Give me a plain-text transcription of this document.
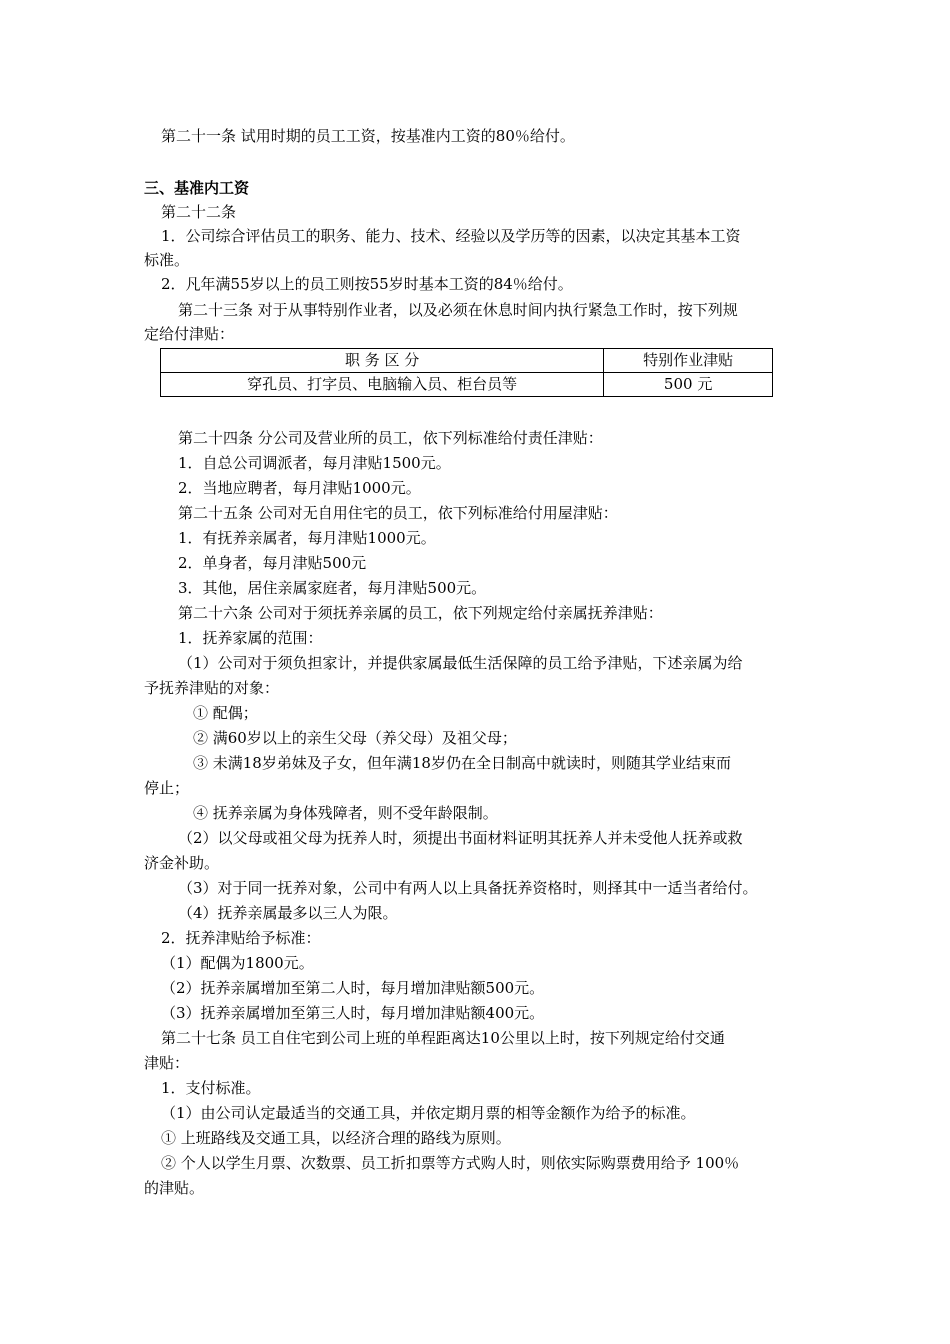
第二十一条 试用时期的员工工资，按基准内工资的80％给付。
三、基准内工资
第二十二条
1．公司综合评估员工的职务、能力、技术、经验以及学历等的因素，以决定其基本工资
标准。
2．凡年满55岁以上的员工则按55岁时基本工资的84％给付。
第二十三条 对于从事特别作业者，以及必须在休息时间内执行紧急工作时，按下列规
定给付津贴：
职 务 区 分	特别作业津贴
穿孔员、打字员、电脑输入员、柜台员等	500 元
第二十四条 分公司及营业所的员工，依下列标准给付责任津贴：
1．自总公司调派者，每月津贴1500元。
2．当地应聘者，每月津贴1000元。
第二十五条 公司对无自用住宅的员工，依下列标准给付用屋津贴：
1．有抚养亲属者，每月津贴1000元。
2．单身者，每月津贴500元
3．其他，居住亲属家庭者，每月津贴500元。
第二十六条 公司对于须抚养亲属的员工，依下列规定给付亲属抚养津贴：
1．抚养家属的范围：
（1）公司对于须负担家计，并提供家属最低生活保障的员工给予津贴，下述亲属为给
予抚养津贴的对象：
① 配偶；
② 满60岁以上的亲生父母（养父母）及祖父母；
③ 未满18岁弟妹及子女，但年满18岁仍在全日制高中就读时，则随其学业结束而
停止；
④ 抚养亲属为身体残障者，则不受年龄限制。
（2）以父母或祖父母为抚养人时，须提出书面材料证明其抚养人并未受他人抚养或救
济金补助。
（3）对于同一抚养对象，公司中有两人以上具备抚养资格时，则择其中一适当者给付。
（4）抚养亲属最多以三人为限。
2．抚养津贴给予标准：
（1）配偶为1800元。
（2）抚养亲属增加至第二人时，每月增加津贴额500元。
（3）抚养亲属增加至第三人时，每月增加津贴额400元。
第二十七条 员工自住宅到公司上班的单程距离达10公里以上时，按下列规定给付交通
津贴：
1．支付标准。
（1）由公司认定最适当的交通工具，并依定期月票的相等金额作为给予的标准。
① 上班路线及交通工具，以经济合理的路线为原则。
② 个人以学生月票、次数票、员工折扣票等方式购人时，则依实际购票费用给予 100％
的津贴。
